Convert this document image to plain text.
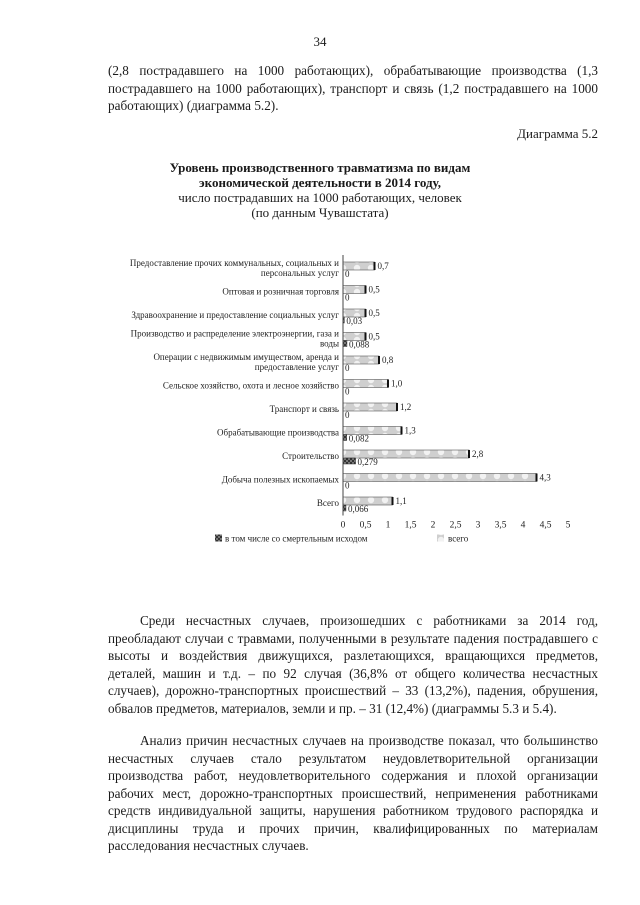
34

(2,8 пострадавшего на 1000 работающих), обрабатывающие производства (1,3 пострадавшего на 1000 работающих), транспорт и связь (1,2 пострадавшего на 1000 работающих) (диаграмма 5.2).

Диаграмма 5.2
Уровень производственного травматизма по видам
экономической деятельности в 2014 году,
число пострадавших на 1000 работающих, человек
(по данным Чувашстата)
Предоставление прочих коммунальных, социальных и
персональных услуг
0,7
0
Оптовая и розничная торговля	0,5
0
Здравоохранение и предоставление социальных услуг	0,5
0,03
Производство и распределение электроэнергии, газа и
воды
0,5
0,088
Операции с недвижимым имуществом, аренда и
предоставление услуг
0,8
0
Сельское хозяйство, охота и лесное хозяйство	1,0
0
Транспорт и связь	1,2
0
Обрабатывающие производства	1,3
0,082
Строительство	2,8
0,279
Добыча полезных ископаемых	4,3
0
Всего	1,1
0,066
0 0,5 1 1,5 2 2,5 3 3,5 4 4,5 5
в том числе со смертельным исходом	всего

Среди несчастных случаев, произошедших с работниками за 2014 год, преобладают случаи с травмами, полученными в результате падения пострадавшего с высоты и воздействия движущихся, разлетающихся, вращающихся предметов, деталей, машин и т.д. – по 92 случая (36,8% от общего количества несчастных случаев), дорожно-транспортных происшествий – 33 (13,2%), падения, обрушения, обвалов предметов, материалов, земли и пр. – 31 (12,4%) (диаграммы 5.3 и 5.4).

Анализ причин несчастных случаев на производстве показал, что большинство несчастных случаев стало результатом неудовлетворительной организации производства работ, неудовлетворительного содержания и плохой организации рабочих мест, дорожно-транспортных происшествий, неприменения работниками средств индивидуальной защиты, нарушения работником трудового распорядка и дисциплины труда и прочих причин, квалифицированных по материалам расследования несчастных случаев.
